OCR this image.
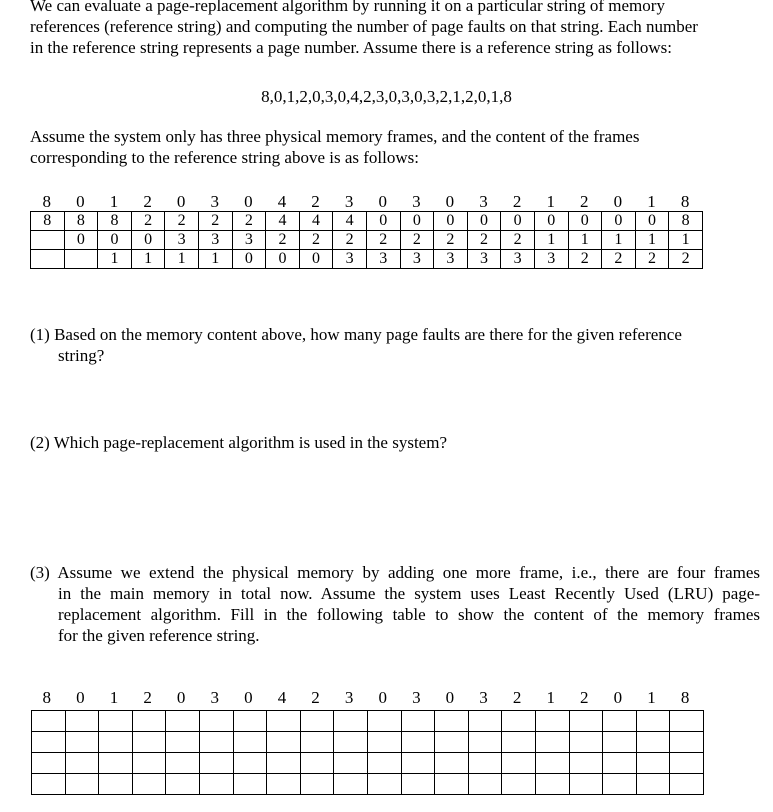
We can evaluate a page-replacement algorithm by running it on a particular string of memory
references (reference string) and computing the number of page faults on that string. Each number
in the reference string represents a page number. Assume there is a reference string as follows:
8,0,1,2,0,3,0,4,2,3,0,3,0,3,2,1,2,0,1,8
Assume the system only has three physical memory frames, and the content of the frames
corresponding to the reference string above is as follows:
8	0	1	2	0	3	0	4	2	3	0	3	0	3	2	1	2	0	1	8
8	8	8	2	2	2	2	4	4	4	0	0	0	0	0	0	0	0	0	8
	0	0	0	3	3	3	2	2	2	2	2	2	2	2	1	1	1	1	1
		1	1	1	1	0	0	0	3	3	3	3	3	3	3	2	2	2	2
(1) Based on the memory content above, how many page faults are there for the given reference
string?
(2) Which page-replacement algorithm is used in the system?
(3) Assume we extend the physical memory by adding one more frame, i.e., there are four frames
in the main memory in total now. Assume the system uses Least Recently Used (LRU) page-
replacement algorithm. Fill in the following table to show the content of the memory frames
for the given reference string.
8	0	1	2	0	3	0	4	2	3	0	3	0	3	2	1	2	0	1	8
